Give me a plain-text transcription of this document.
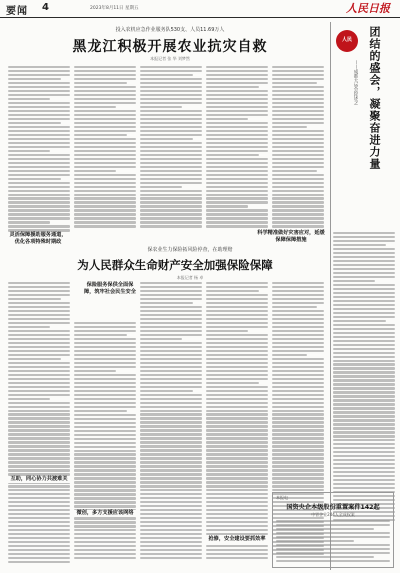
要闻 4	2023年8月11日 星期五	人民日报
投入农机应急作业服务队530支、人员11.69万人
黑龙江积极开展农业抗灾自救
本报记者 张 华 刘梦然
灵活保障援助服务通道，优化各项特殊时期政
保农业生力保险拓风险停查，在助理赔
为人民群众生命财产安全加强保险保障
本报记者 杨 卓
保险服务保供全面保障，筑牢社会民生安全
互助，同心协力共渡难关
微创，多方支援应该网络
抢修，安全建设要抓效率
人民	团结的盛会，凝聚奋进力量
——成都大运会综述之
科学精准做好灾害应对，延缓保障保障措施
本报电
国资央企本级股份重置案件142起
中冒企业244人全成权案
